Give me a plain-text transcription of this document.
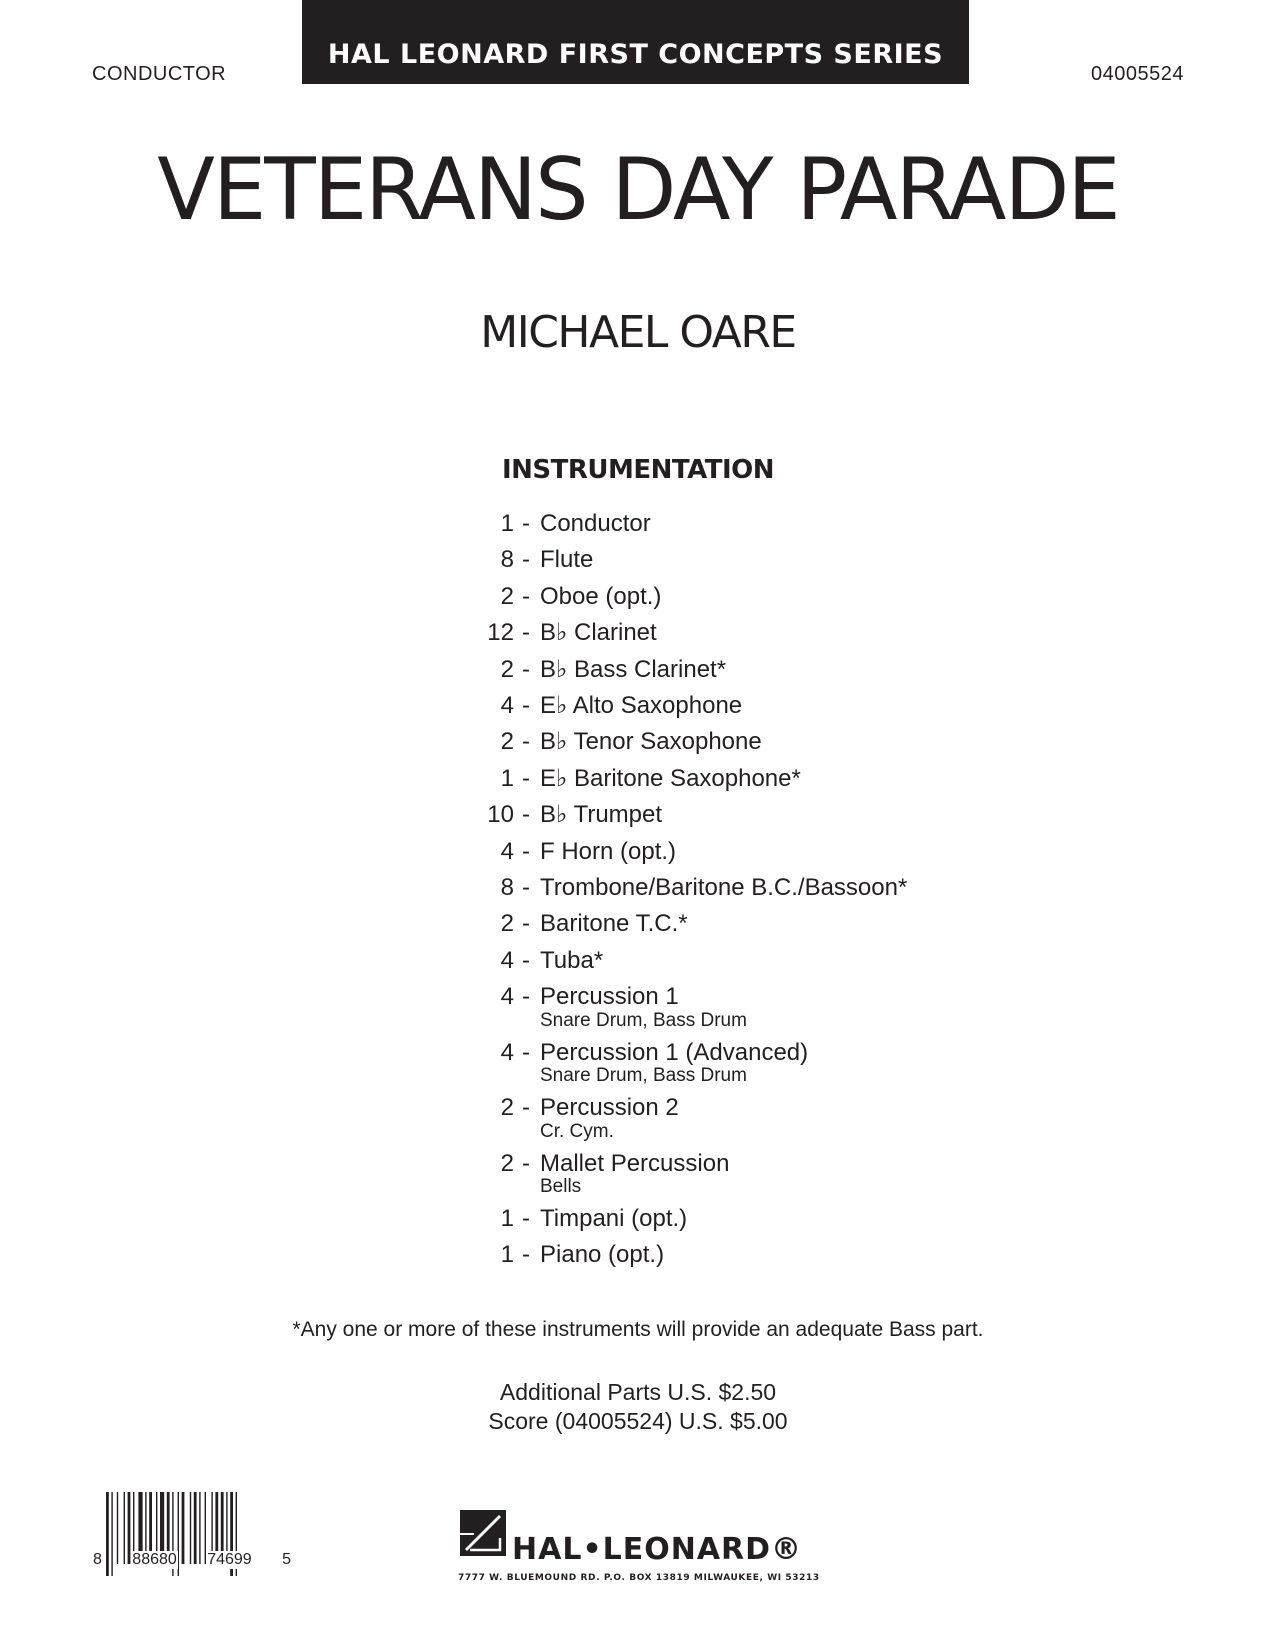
HAL LEONARD FIRST CONCEPTS SERIES
CONDUCTOR	04005524
VETERANS DAY PARADE
MICHAEL OARE
INSTRUMENTATION
1 - Conductor
8 - Flute
2 - Oboe (opt.)
12 - B♭ Clarinet
2 - B♭ Bass Clarinet*
4 - E♭ Alto Saxophone
2 - B♭ Tenor Saxophone
1 - E♭ Baritone Saxophone*
10 - B♭ Trumpet
4 - F Horn (opt.)
8 - Trombone/Baritone B.C./Bassoon*
2 - Baritone T.C.*
4 - Tuba*
4 - Percussion 1
Snare Drum, Bass Drum
4 - Percussion 1 (Advanced)
Snare Drum, Bass Drum
2 - Percussion 2
Cr. Cym.
2 - Mallet Percussion
Bells
1 - Timpani (opt.)
1 - Piano (opt.)
*Any one or more of these instruments will provide an adequate Bass part.
Additional Parts U.S. $2.50
Score (04005524) U.S. $5.00
8 88680 74699 5	HAL•LEONARD®
7777 W. BLUEMOUND RD. P.O. BOX 13819 MILWAUKEE, WI 53213
